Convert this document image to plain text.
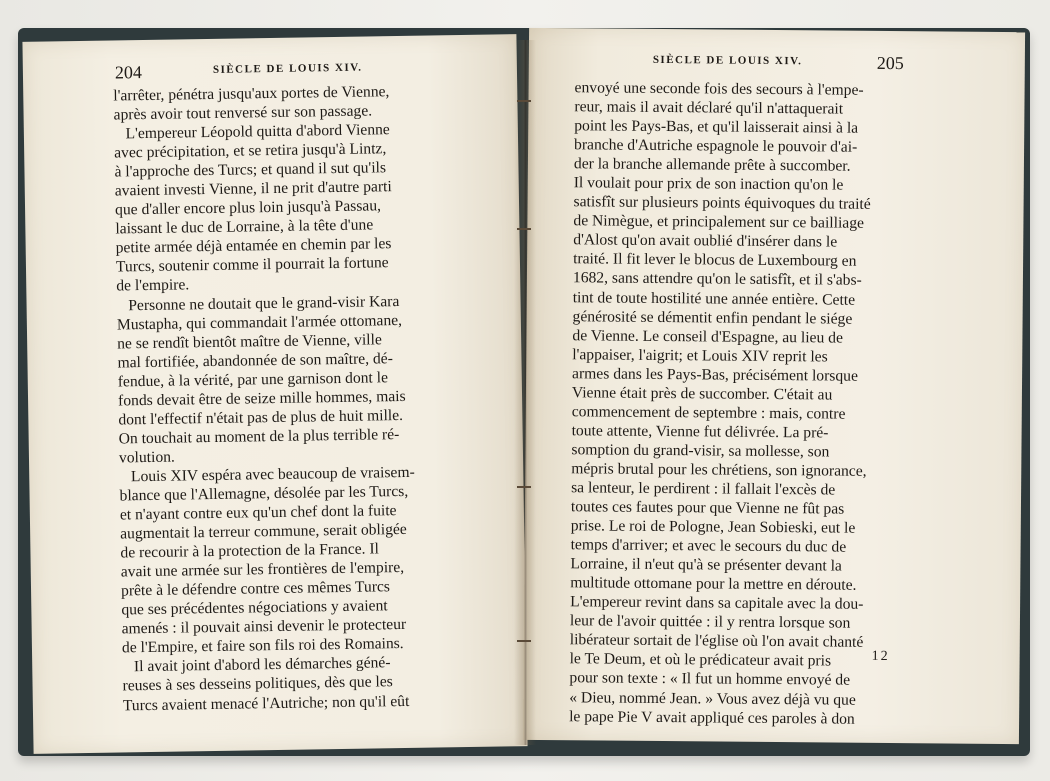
204	SIÈCLE DE LOUIS XIV.
l'arrêter, pénétra jusqu'aux portes de Vienne,
après avoir tout renversé sur son passage.
L'empereur Léopold quitta d'abord Vienne
avec précipitation, et se retira jusqu'à Lintz,
à l'approche des Turcs; et quand il sut qu'ils
avaient investi Vienne, il ne prit d'autre parti
que d'aller encore plus loin jusqu'à Passau,
laissant le duc de Lorraine, à la tête d'une
petite armée déjà entamée en chemin par les
Turcs, soutenir comme il pourrait la fortune
de l'empire.
Personne ne doutait que le grand-visir Kara
Mustapha, qui commandait l'armée ottomane,
ne se rendît bientôt maître de Vienne, ville
mal fortifiée, abandonnée de son maître, dé-
fendue, à la vérité, par une garnison dont le
fonds devait être de seize mille hommes, mais
dont l'effectif n'était pas de plus de huit mille.
On touchait au moment de la plus terrible ré-
volution.
Louis XIV espéra avec beaucoup de vraisem-
blance que l'Allemagne, désolée par les Turcs,
et n'ayant contre eux qu'un chef dont la fuite
augmentait la terreur commune, serait obligée
de recourir à la protection de la France. Il
avait une armée sur les frontières de l'empire,
prête à le défendre contre ces mêmes Turcs
que ses précédentes négociations y avaient
amenés : il pouvait ainsi devenir le protecteur
de l'Empire, et faire son fils roi des Romains.
Il avait joint d'abord les démarches géné-
reuses à ses desseins politiques, dès que les
Turcs avaient menacé l'Autriche; non qu'il eût
SIÈCLE DE LOUIS XIV.	205
envoyé une seconde fois des secours à l'empe-
reur, mais il avait déclaré qu'il n'attaquerait
point les Pays-Bas, et qu'il laisserait ainsi à la
branche d'Autriche espagnole le pouvoir d'ai-
der la branche allemande prête à succomber.
Il voulait pour prix de son inaction qu'on le
satisfît sur plusieurs points équivoques du traité
de Nimègue, et principalement sur ce bailliage
d'Alost qu'on avait oublié d'insérer dans le
traité. Il fit lever le blocus de Luxembourg en
1682, sans attendre qu'on le satisfît, et il s'abs-
tint de toute hostilité une année entière. Cette
générosité se démentit enfin pendant le siége
de Vienne. Le conseil d'Espagne, au lieu de
l'appaiser, l'aigrit; et Louis XIV reprit les
armes dans les Pays-Bas, précisément lorsque
Vienne était près de succomber. C'était au
commencement de septembre : mais, contre
toute attente, Vienne fut délivrée. La pré-
somption du grand-visir, sa mollesse, son
mépris brutal pour les chrétiens, son ignorance,
sa lenteur, le perdirent : il fallait l'excès de
toutes ces fautes pour que Vienne ne fût pas
prise. Le roi de Pologne, Jean Sobieski, eut le
temps d'arriver; et avec le secours du duc de
Lorraine, il n'eut qu'à se présenter devant la
multitude ottomane pour la mettre en déroute.
L'empereur revint dans sa capitale avec la dou-
leur de l'avoir quittée : il y rentra lorsque son
libérateur sortait de l'église où l'on avait chanté
le Te Deum, et où le prédicateur avait pris
pour son texte : « Il fut un homme envoyé de
« Dieu, nommé Jean. » Vous avez déjà vu que
le pape Pie V avait appliqué ces paroles à don
12
